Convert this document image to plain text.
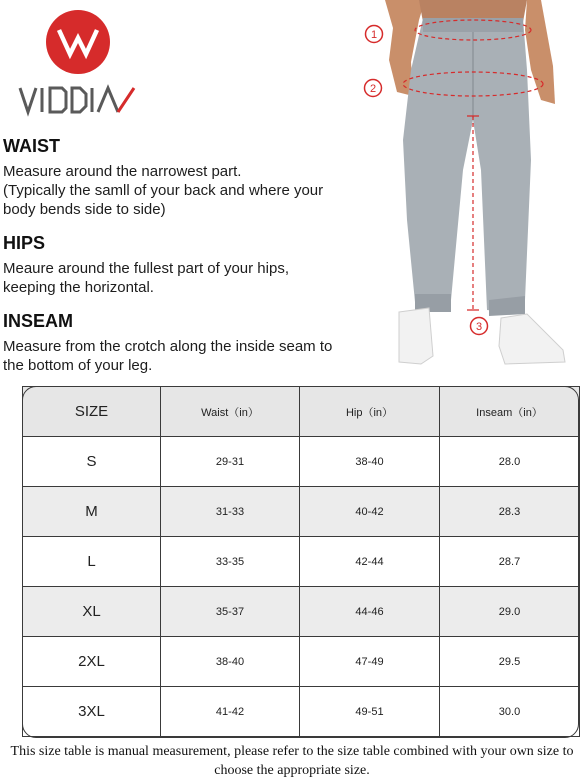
WAIST
Measure around the narrowest part.
(Typically the samll of your back and where your body bends side to side)
HIPS
Meaure around the fullest part of your hips, keeping the horizontal.
INSEAM
Measure from the crotch along the inside seam to the bottom of your leg.
1
2
3
SIZE	Waist（in）	Hip（in）	Inseam（in）
S	29-31	38-40	28.0
M	31-33	40-42	28.3
L	33-35	42-44	28.7
XL	35-37	44-46	29.0
2XL	38-40	47-49	29.5
3XL	41-42	49-51	30.0
This size table is manual measurement, please refer to the size table combined with your own size to choose the appropriate size.
